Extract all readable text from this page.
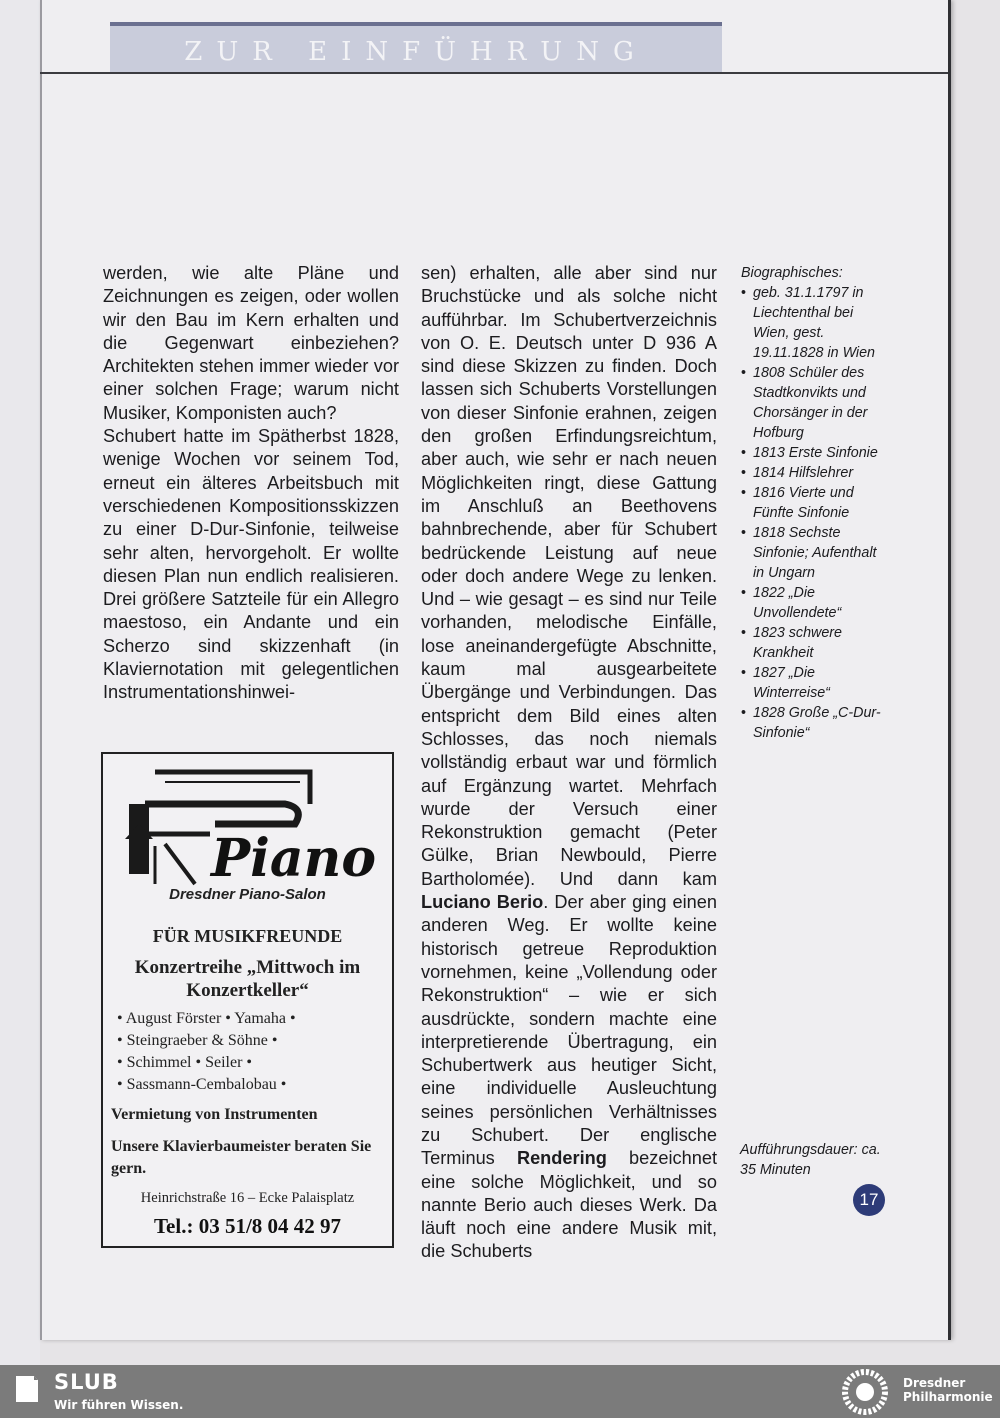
ZUR EINFÜHRUNG

werden, wie alte Pläne und Zeichnungen es zeigen, oder wollen wir den Bau im Kern erhalten und die Gegenwart einbeziehen? Architekten stehen immer wieder vor einer solchen Frage; warum nicht Musiker, Komponisten auch?

Schubert hatte im Spätherbst 1828, wenige Wochen vor seinem Tod, erneut ein älteres Arbeitsbuch mit verschiedenen Kompositionsskizzen zu einer D-Dur-Sinfonie, teilweise sehr alten, hervorgeholt. Er wollte diesen Plan nun endlich realisieren. Drei größere Satzteile für ein Allegro maestoso, ein Andante und ein Scherzo sind skizzenhaft (in Klaviernotation mit gelegentlichen Instrumentationshinwei-

sen) erhalten, alle aber sind nur Bruchstücke und als solche nicht aufführbar. Im Schubertverzeichnis von O. E. Deutsch unter D 936 A sind diese Skizzen zu finden. Doch lassen sich Schuberts Vorstellungen von dieser Sinfonie erahnen, zeigen den großen Erfindungsreichtum, aber auch, wie sehr er nach neuen Möglichkeiten ringt, diese Gattung im Anschluß an Beethovens bahnbrechende, aber für Schubert bedrückende Leistung auf neue oder doch andere Wege zu lenken. Und – wie gesagt – es sind nur Teile vorhanden, melodische Einfälle, lose aneinandergefügte Abschnitte, kaum mal ausgearbeitete Übergänge und Verbindungen. Das entspricht dem Bild eines alten Schlosses, das noch niemals vollständig erbaut war und förmlich auf Ergänzung wartet. Mehrfach wurde der Versuch einer Rekonstruktion gemacht (Peter Gülke, Brian Newbould, Pierre Bartholomée). Und dann kam Luciano Berio. Der aber ging einen anderen Weg. Er wollte keine historisch getreue Reproduktion vornehmen, keine „Vollendung oder Rekonstruktion“ – wie er sich ausdrückte, sondern machte eine interpretierende Übertragung, ein Schubertwerk aus heutiger Sicht, eine individuelle Ausleuchtung seines persönlichen Verhältnisses zu Schubert. Der englische Terminus Rendering bezeichnet eine solche Möglichkeit, und so nannte Berio auch dieses Werk. Da läuft noch eine andere Musik mit, die Schuberts

Biographisches:
• geb. 31.1.1797 in Liechtenthal bei Wien, gest. 19.11.1828 in Wien
• 1808 Schüler des Stadtkonvikts und Chorsänger in der Hofburg
• 1813 Erste Sinfonie
• 1814 Hilfslehrer
• 1816 Vierte und Fünfte Sinfonie
• 1818 Sechste Sinfonie; Aufenthalt in Ungarn
• 1822 „Die Unvollendete“
• 1823 schwere Krankheit
• 1827 „Die Winterreise“
• 1828 Große „C-Dur-Sinfonie“
Aufführungsdauer: ca. 35 Minuten
17
Piano
Dresdner Piano-Salon
FÜR MUSIKFREUNDE
Konzertreihe „Mittwoch im Konzertkeller“
• August Förster • Yamaha •
• Steingraeber & Söhne •
• Schimmel • Seiler •
• Sassmann-Cembalobau •
Vermietung von Instrumenten
Unsere Klavierbaumeister beraten Sie gern.
Heinrichstraße 16 – Ecke Palaisplatz
Tel.: 03 51/8 04 42 97
SLUB
Wir führen Wissen.
Dresdner
Philharmonie
